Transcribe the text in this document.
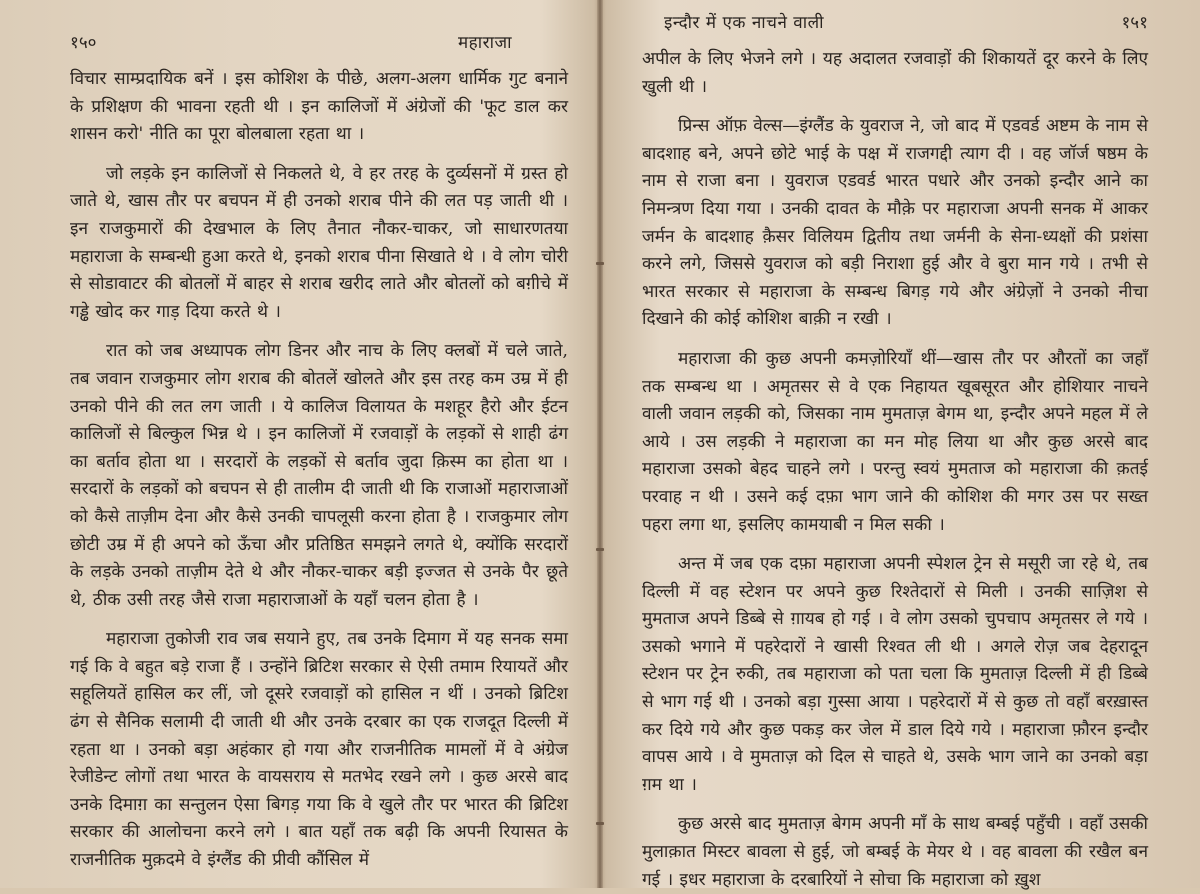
१५०	महाराजा

विचार साम्प्रदायिक बनें । इस कोशिश के पीछे, अलग-अलग धार्मिक गुट बनाने के प्रशिक्षण की भावना रहती थी । इन कालिजों में अंग्रेजों की 'फूट डाल कर शासन करो' नीति का पूरा बोलबाला रहता था ।

जो लड़के इन कालिजों से निकलते थे, वे हर तरह के दुर्व्यसनों में ग्रस्त हो जाते थे, खास तौर पर बचपन में ही उनको शराब पीने की लत पड़ जाती थी । इन राजकुमारों की देखभाल के लिए तैनात नौकर-चाकर, जो साधारणतया महाराजा के सम्बन्धी हुआ करते थे, इनको शराब पीना सिखाते थे । वे लोग चोरी से सोडावाटर की बोतलों में बाहर से शराब खरीद लाते और बोतलों को बग़ीचे में गड्ढे खोद कर गाड़ दिया करते थे ।

रात को जब अध्यापक लोग डिनर और नाच के लिए क्लबों में चले जाते, तब जवान राजकुमार लोग शराब की बोतलें खोलते और इस तरह कम उम्र में ही उनको पीने की लत लग जाती । ये कालिज विलायत के मशहूर हैरो और ईटन कालिजों से बिल्कुल भिन्न थे । इन कालिजों में रजवाड़ों के लड़कों से शाही ढंग का बर्ताव होता था । सरदारों के लड़कों से बर्ताव जुदा क़िस्म का होता था । सरदारों के लड़कों को बचपन से ही तालीम दी जाती थी कि राजाओं महाराजाओं को कैसे ताज़ीम देना और कैसे उनकी चापलूसी करना होता है । राजकुमार लोग छोटी उम्र में ही अपने को ऊँचा और प्रतिष्ठित समझने लगते थे, क्योंकि सरदारों के लड़के उनको ताज़ीम देते थे और नौकर-चाकर बड़ी इज्जत से उनके पैर छूते थे, ठीक उसी तरह जैसे राजा महाराजाओं के यहाँ चलन होता है ।

महाराजा तुकोजी राव जब सयाने हुए, तब उनके दिमाग में यह सनक समा गई कि वे बहुत बड़े राजा हैं । उन्होंने ब्रिटिश सरकार से ऐसी तमाम रियायतें और सहूलियतें हासिल कर लीं, जो दूसरे रजवाड़ों को हासिल न थीं । उनको ब्रिटिश ढंग से सैनिक सलामी दी जाती थी और उनके दरबार का एक राजदूत दिल्ली में रहता था । उनको बड़ा अहंकार हो गया और राजनीतिक मामलों में वे अंग्रेज रेजीडेन्ट लोगों तथा भारत के वायसराय से मतभेद रखने लगे । कुछ अरसे बाद उनके दिमाग़ का सन्तुलन ऐसा बिगड़ गया कि वे खुले तौर पर भारत की ब्रिटिश सरकार की आलोचना करने लगे । बात यहाँ तक बढ़ी कि अपनी रियासत के राजनीतिक मुक़दमे वे इंग्लैंड की प्रीवी कौंसिल में

इन्दौर में एक नाचने वाली	१५१

अपील के लिए भेजने लगे । यह अदालत रजवाड़ों की शिकायतें दूर करने के लिए खुली थी ।

प्रिन्स ऑफ़ वेल्स—इंग्लैंड के युवराज ने, जो बाद में एडवर्ड अष्टम के नाम से बादशाह बने, अपने छोटे भाई के पक्ष में राजगद्दी त्याग दी । वह जॉर्ज षष्ठम के नाम से राजा बना । युवराज एडवर्ड भारत पधारे और उनको इन्दौर आने का निमन्त्रण दिया गया । उनकी दावत के मौक़े पर महाराजा अपनी सनक में आकर जर्मन के बादशाह क़ैसर विलियम द्वितीय तथा जर्मनी के सेना-ध्यक्षों की प्रशंसा करने लगे, जिससे युवराज को बड़ी निराशा हुई और वे बुरा मान गये । तभी से भारत सरकार से महाराजा के सम्बन्ध बिगड़ गये और अंग्रेज़ों ने उनको नीचा दिखाने की कोई कोशिश बाक़ी न रखी ।

महाराजा की कुछ अपनी कमज़ोरियाँ थीं—खास तौर पर औरतों का जहाँ तक सम्बन्ध था । अमृतसर से वे एक निहायत खूबसूरत और होशियार नाचने वाली जवान लड़की को, जिसका नाम मुमताज़ बेगम था, इन्दौर अपने महल में ले आये । उस लड़की ने महाराजा का मन मोह लिया था और कुछ अरसे बाद महाराजा उसको बेहद चाहने लगे । परन्तु स्वयं मुमताज को महाराजा की क़तई परवाह न थी । उसने कई दफ़ा भाग जाने की कोशिश की मगर उस पर सख्त पहरा लगा था, इसलिए कामयाबी न मिल सकी ।

अन्त में जब एक दफ़ा महाराजा अपनी स्पेशल ट्रेन से मसूरी जा रहे थे, तब दिल्ली में वह स्टेशन पर अपने कुछ रिश्तेदारों से मिली । उनकी साज़िश से मुमताज अपने डिब्बे से ग़ायब हो गई । वे लोग उसको चुपचाप अमृतसर ले गये । उसको भगाने में पहरेदारों ने खासी रिश्वत ली थी । अगले रोज़ जब देहरादून स्टेशन पर ट्रेन रुकी, तब महाराजा को पता चला कि मुमताज़ दिल्ली में ही डिब्बे से भाग गई थी । उनको बड़ा गुस्सा आया । पहरेदारों में से कुछ तो वहाँ बरख़ास्त कर दिये गये और कुछ पकड़ कर जेल में डाल दिये गये । महाराजा फ़ौरन इन्दौर वापस आये । वे मुमताज़ को दिल से चाहते थे, उसके भाग जाने का उनको बड़ा ग़म था ।

कुछ अरसे बाद मुमताज़ बेगम अपनी माँ के साथ बम्बई पहुँची । वहाँ उसकी मुलाक़ात मिस्टर बावला से हुई, जो बम्बई के मेयर थे । वह बावला की रखैल बन गई । इधर महाराजा के दरबारियों ने सोचा कि महाराजा को ख़ुश
